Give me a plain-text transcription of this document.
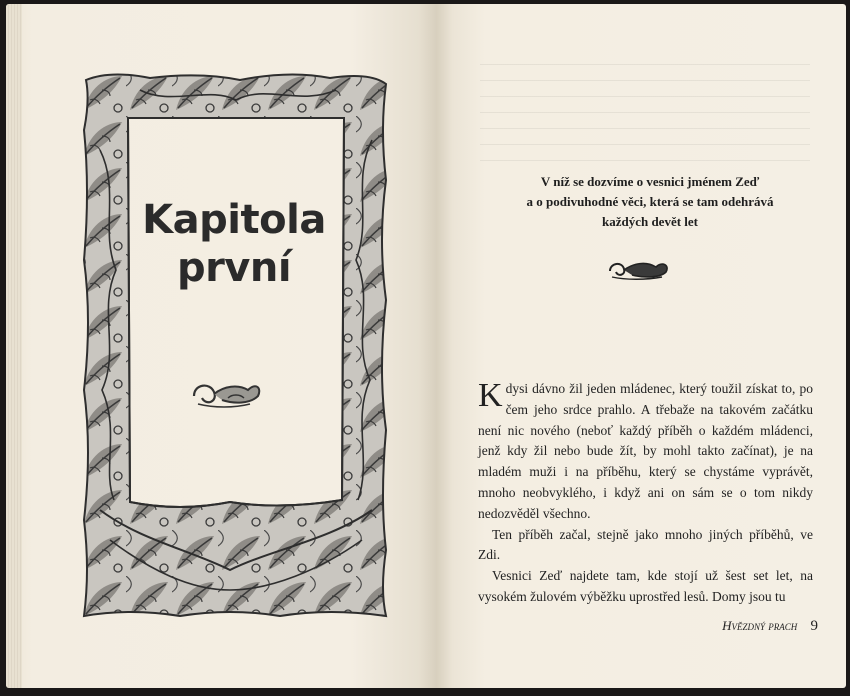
Kapitola
první
V níž se dozvíme o vesnici jménem Zeď
a o podivuhodné věci, která se tam odehrává
každých devět let

Kdysi dávno žil jeden mládenec, který toužil získat to, po čem jeho srdce prahlo. A třebaže na takovém začátku není nic nového (neboť každý příběh o každém mládenci, jenž kdy žil nebo bude žít, by mohl takto začínat), je na mladém muži i na příběhu, který se chystáme vyprávět, mnoho neobvyklého, i když ani on sám se o tom nikdy nedozvěděl všechno.

Ten příběh začal, stejně jako mnoho jiných příběhů, ve Zdi.

Vesnici Zeď najdete tam, kde stojí už šest set let, na vysokém žulovém výběžku uprostřed lesů. Domy jsou tu

Hvězdný prach 9
